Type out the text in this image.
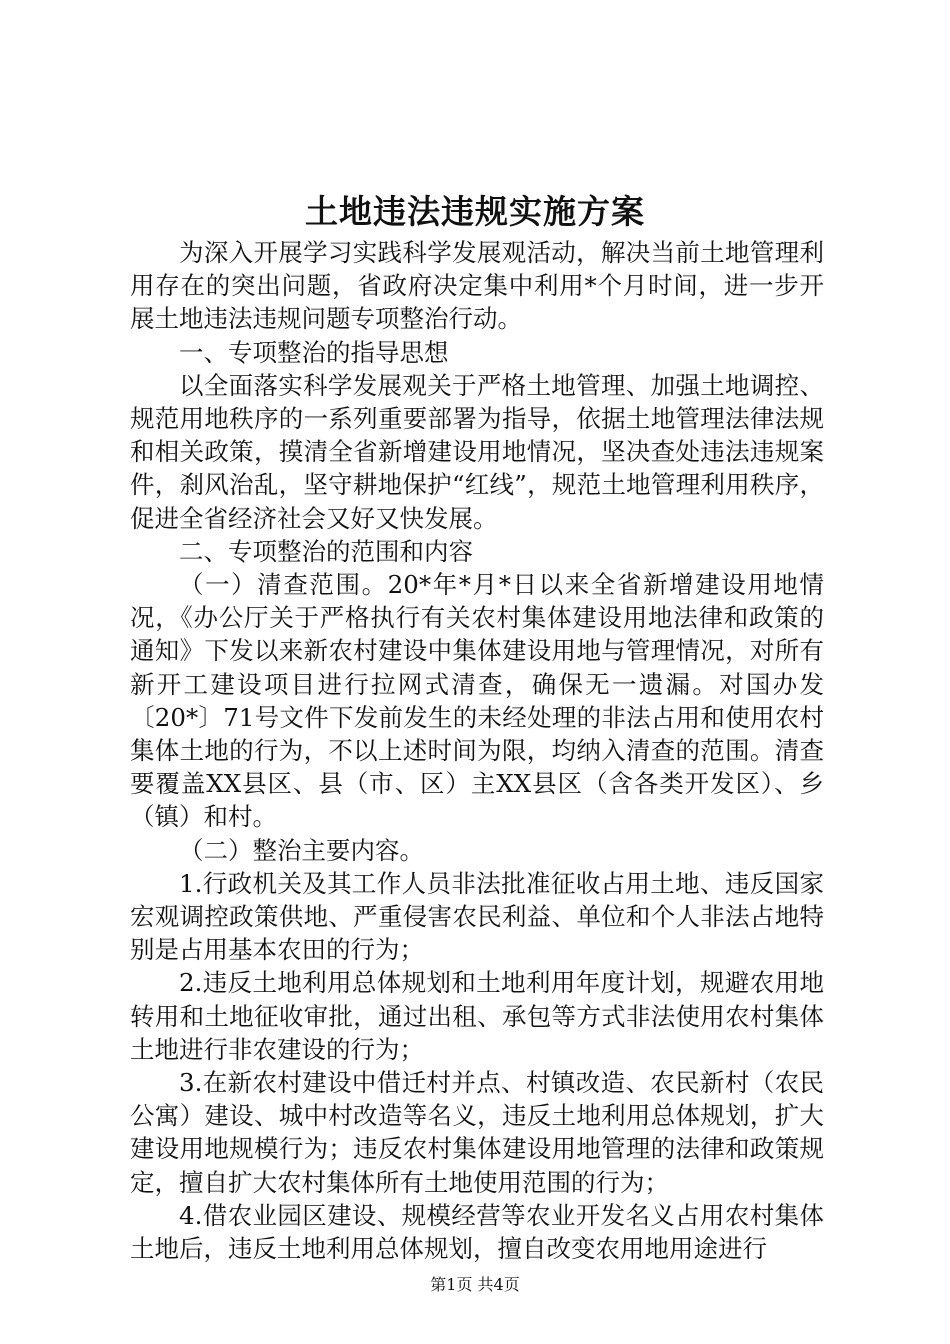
土地违法违规实施方案

为深入开展学习实践科学发展观活动，解决当前土地管理利用存在的突出问题，省政府决定集中利用*个月时间，进一步开展土地违法违规问题专项整治行动。

一、专项整治的指导思想

以全面落实科学发展观关于严格土地管理、加强土地调控、规范用地秩序的一系列重要部署为指导，依据土地管理法律法规和相关政策，摸清全省新增建设用地情况，坚决查处违法违规案件，刹风治乱，坚守耕地保护“红线”，规范土地管理利用秩序，促进全省经济社会又好又快发展。

二、专项整治的范围和内容

（一）清查范围。20*年*月*日以来全省新增建设用地情况，《办公厅关于严格执行有关农村集体建设用地法律和政策的通知》下发以来新农村建设中集体建设用地与管理情况，对所有新开工建设项目进行拉网式清查，确保无一遗漏。对国办发〔20*〕71号文件下发前发生的未经处理的非法占用和使用农村集体土地的行为，不以上述时间为限，均纳入清查的范围。清查要覆盖XX县区、县（市、区）主XX县区（含各类开发区）、乡（镇）和村。

（二）整治主要内容。

1.行政机关及其工作人员非法批准征收占用土地、违反国家宏观调控政策供地、严重侵害农民利益、单位和个人非法占地特别是占用基本农田的行为；

2.违反土地利用总体规划和土地利用年度计划，规避农用地转用和土地征收审批，通过出租、承包等方式非法使用农村集体土地进行非农建设的行为；

3.在新农村建设中借迁村并点、村镇改造、农民新村（农民公寓）建设、城中村改造等名义，违反土地利用总体规划，扩大建设用地规模行为；违反农村集体建设用地管理的法律和政策规定，擅自扩大农村集体所有土地使用范围的行为；

4.借农业园区建设、规模经营等农业开发名义占用农村集体土地后，违反土地利用总体规划，擅自改变农用地用途进行

第1页 共4页
